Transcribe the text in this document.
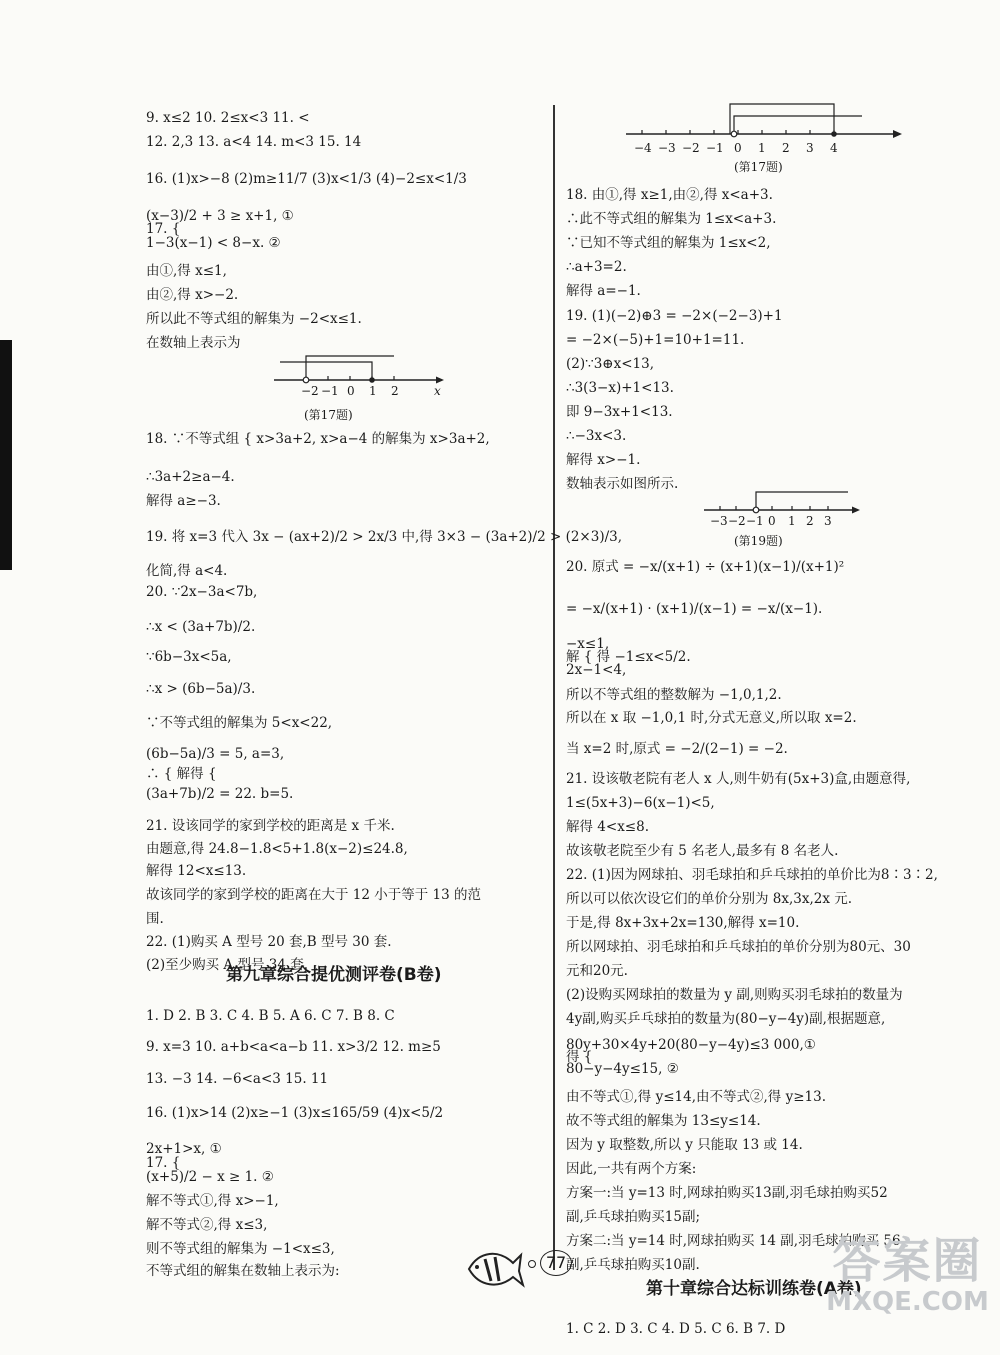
9. x≤2 10. 2≤x<3 11. <
12. 2,3 13. a<4 14. m<3 15. 14
16. (1)x>−8 (2)m≥11/7 (3)x<1/3 (4)−2≤x<1/3
(x−3)/2 + 3 ≥ x+1, ①
17. {
1−3(x−1) < 8−x. ②
由①,得 x≤1,
由②,得 x>−2.
所以此不等式组的解集为 −2<x≤1.
在数轴上表示为
18. ∵不等式组 { x>3a+2, x>a−4 的解集为 x>3a+2,
∴3a+2≥a−4.
解得 a≥−3.
19. 将 x=3 代入 3x − (ax+2)/2 > 2x/3 中,得 3×3 − (3a+2)/2 > (2×3)/3,
化简,得 a<4.
20. ∵2x−3a<7b,
∴x < (3a+7b)/2.
∵6b−3x<5a,
∴x > (6b−5a)/3.
∵不等式组的解集为 5<x<22,
(6b−5a)/3 = 5, a=3,
∴ { 解得 {
(3a+7b)/2 = 22. b=5.
21. 设该同学的家到学校的距离是 x 千米.
由题意,得 24.8−1.8<5+1.8(x−2)≤24.8,
解得 12<x≤13.
故该同学的家到学校的距离在大于 12 小于等于 13 的范
围.
22. (1)购买 A 型号 20 套,B 型号 30 套.
(2)至少购买 A 型号 34 套.
1. D 2. B 3. C 4. B 5. A 6. C 7. B 8. C
9. x=3 10. a+b<a<a−b 11. x>3/2 12. m≥5
13. −3 14. −6<a<3 15. 11
16. (1)x>14 (2)x≥−1 (3)x≤165/59 (4)x<5/2
2x+1>x, ①
17. {
(x+5)/2 − x ≥ 1. ②
解不等式①,得 x>−1,
解不等式②,得 x≤3,
则不等式组的解集为 −1<x≤3,
不等式组的解集在数轴上表示为:
第九章综合提优测评卷(B卷)
−2 −1 0 1 2	x
(第17题)
−4 −3 −2 −1 0 1 2 3 4
(第17题)
18. 由①,得 x≥1,由②,得 x<a+3.
∴此不等式组的解集为 1≤x<a+3.
∵已知不等式组的解集为 1≤x<2,
∴a+3=2.
解得 a=−1.
19. (1)(−2)⊕3 = −2×(−2−3)+1
= −2×(−5)+1=10+1=11.
(2)∵3⊕x<13,
∴3(3−x)+1<13.
即 9−3x+1<13.
∴−3x<3.
解得 x>−1.
数轴表示如图所示.
20. 原式 = −x/(x+1) ÷ (x+1)(x−1)/(x+1)²
= −x/(x+1) · (x+1)/(x−1) = −x/(x−1).
−x≤1,
解 { 得 −1≤x<5/2.
2x−1<4,
所以不等式组的整数解为 −1,0,1,2.
所以在 x 取 −1,0,1 时,分式无意义,所以取 x=2.
当 x=2 时,原式 = −2/(2−1) = −2.
21. 设该敬老院有老人 x 人,则牛奶有(5x+3)盒,由题意得,
1≤(5x+3)−6(x−1)<5,
解得 4<x≤8.
故该敬老院至少有 5 名老人,最多有 8 名老人.
22. (1)因为网球拍、羽毛球拍和乒乓球拍的单价比为8∶3∶2,
所以可以依次设它们的单价分别为 8x,3x,2x 元.
于是,得 8x+3x+2x=130,解得 x=10.
所以网球拍、羽毛球拍和乒乓球拍的单价分别为80元、30
元和20元.
(2)设购买网球拍的数量为 y 副,则购买羽毛球拍的数量为
4y副,购买乒乓球拍的数量为(80−y−4y)副,根据题意,
80y+30×4y+20(80−y−4y)≤3 000,①
得 {
80−y−4y≤15, ②
由不等式①,得 y≤14,由不等式②,得 y≥13.
故不等式组的解集为 13≤y≤14.
因为 y 取整数,所以 y 只能取 13 或 14.
因此,一共有两个方案:
方案一:当 y=13 时,网球拍购买13副,羽毛球拍购买52
副,乒乓球拍购买15副;
方案二:当 y=14 时,网球拍购买 14 副,羽毛球拍购买 56
副,乒乓球拍购买10副.
1. C 2. D 3. C 4. D 5. C 6. B 7. D
−3 −2 −1 0 1 2 3
(第19题)
第十章综合达标训练卷(A卷)
77	答案圈
MXQE.COM
